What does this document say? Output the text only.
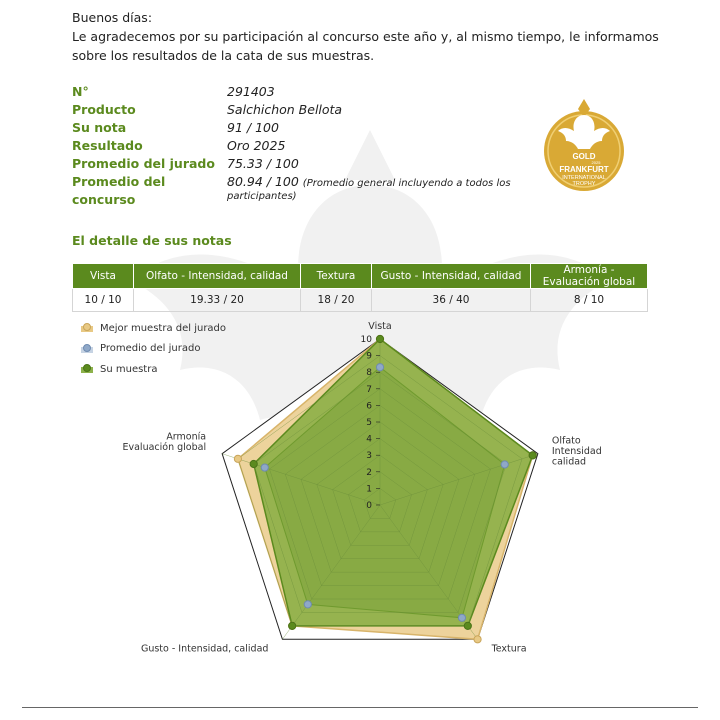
Buenos días:

Le agradecemos por su participación al concurso este año y, al mismo tiempo, le informamos sobre los resultados de la cata de sus muestras.

N°	291403
Producto	Salchichon Bellota
Su nota	91 / 100
Resultado	Oro 2025
Promedio del jurado 75.33 / 100
Promedio del concurso
80.94 / 100 (Promedio general incluyendo a todos los
participantes)
GOLD
2025
FRANKFURT
INTERNATIONAL
TROPHY
El detalle de sus notas
Vista	Olfato - Intensidad, calidad	Textura	Gusto - Intensidad, calidad	Armonía - Evaluación global
10 / 10	19.33 / 20	18 / 20	36 / 40	8 / 10
0
1
2
3
4
5
6
7
8
9
10
Vista
Olfato Intensidad calidad
Textura
Gusto - Intensidad, calidad
Armonía Evaluación global
Mejor muestra del jurado
Promedio del jurado
Su muestra
